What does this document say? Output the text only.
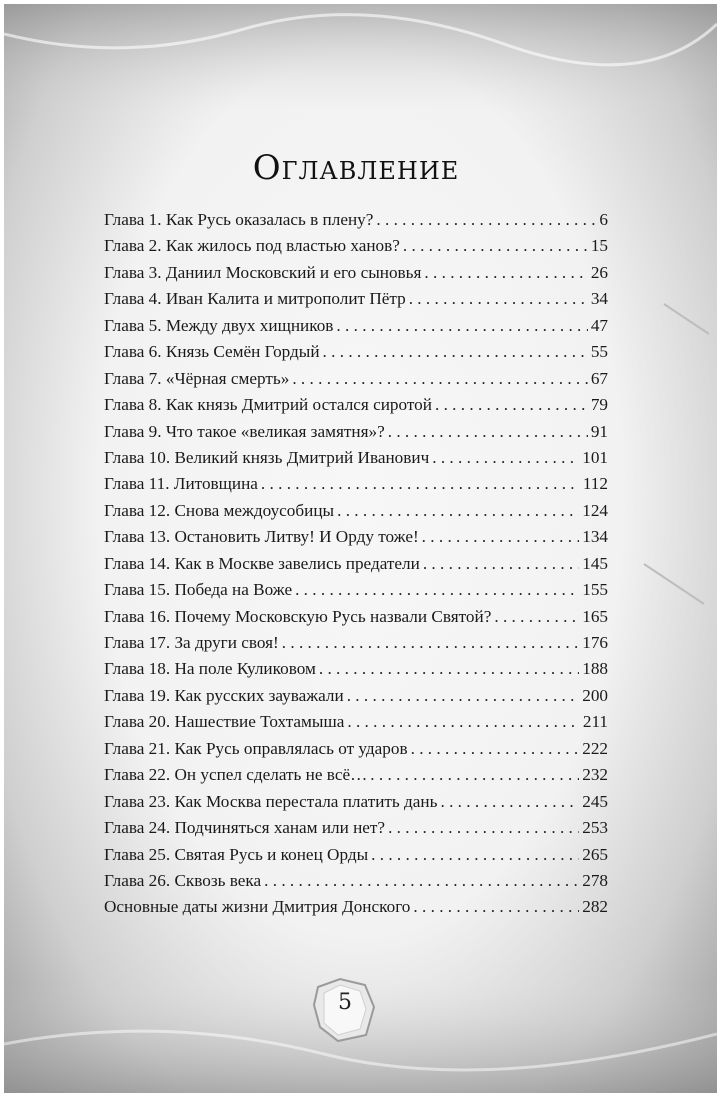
Оглавление
Глава 1. Как Русь оказалась в плену? . . .	6
Глава 2. Как жилось под властью ханов? . . .	15
Глава 3. Даниил Московский и его сыновья . . .	26
Глава 4. Иван Калита и митрополит Пётр . . .	34
Глава 5. Между двух хищников . . .	47
Глава 6. Князь Семён Гордый . . .	55
Глава 7. «Чёрная смерть» . . .	67
Глава 8. Как князь Дмитрий остался сиротой . . .	79
Глава 9. Что такое «великая замятня»? . . .	91
Глава 10. Великий князь Дмитрий Иванович . . .	101
Глава 11. Литовщина . . .	112
Глава 12. Снова междоусобицы . . .	124
Глава 13. Остановить Литву! И Орду тоже! . . .	134
Глава 14. Как в Москве завелись предатели . . .	145
Глава 15. Победа на Воже . . .	155
Глава 16. Почему Московскую Русь назвали Святой? . . .	165
Глава 17. За други своя! . . .	176
Глава 18. На поле Куликовом . . .	188
Глава 19. Как русских зауважали . . .	200
Глава 20. Нашествие Тохтамыша . . .	211
Глава 21. Как Русь оправлялась от ударов . . .	222
Глава 22. Он успел сделать не всё… . . .	232
Глава 23. Как Москва перестала платить дань . . .	245
Глава 24. Подчиняться ханам или нет? . . .	253
Глава 25. Святая Русь и конец Орды . . .	265
Глава 26. Сквозь века . . .	278
Основные даты жизни Дмитрия Донского . . .	282
5
